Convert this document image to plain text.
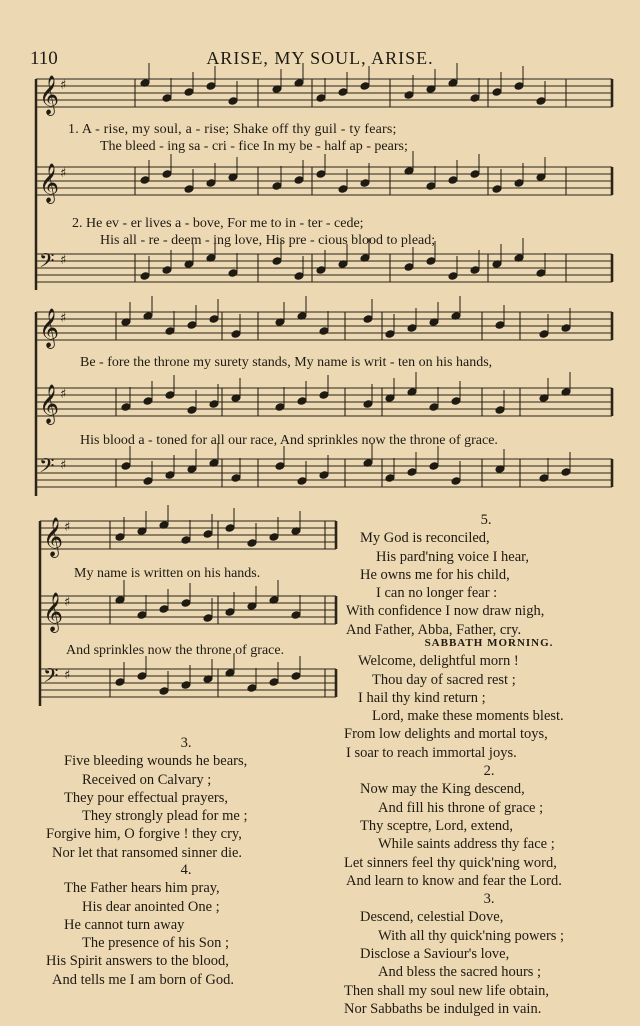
110	ARISE, MY SOUL, ARISE.
𝄞 ♯
𝄞 ♯
𝄢 ♯
𝄞 ♯
𝄞 ♯
𝄢 ♯
𝄞 ♯
𝄞 ♯
𝄢 ♯
1. A - rise, my soul, a - rise; Shake off thy guil - ty fears;
The bleed - ing sa - cri - fice In my be - half ap - pears;
2. He ev - er lives a - bove, For me to in - ter - cede;
His all - re - deem - ing love, His pre - cious blood to plead;
Be - fore the throne my surety stands, My name is writ - ten on his hands,
His blood a - toned for all our race, And sprinkles now the throne of grace.
My name is written on his hands.
And sprinkles now the throne of grace.
5.
My God is reconciled,
His pard'ning voice I hear,
He owns me for his child,
I can no longer fear :
With confidence I now draw nigh,
And Father, Abba, Father, cry.
SABBATH MORNING.
Welcome, delightful morn !
Thou day of sacred rest ;
I hail thy kind return ;
Lord, make these moments blest.
From low delights and mortal toys,
I soar to reach immortal joys.
2.
Now may the King descend,
And fill his throne of grace ;
Thy sceptre, Lord, extend,
While saints address thy face ;
Let sinners feel thy quick'ning word,
And learn to know and fear the Lord.
3.
Descend, celestial Dove,
With all thy quick'ning powers ;
Disclose a Saviour's love,
And bless the sacred hours ;
Then shall my soul new life obtain,
Nor Sabbaths be indulged in vain.
3.
Five bleeding wounds he bears,
Received on Calvary ;
They pour effectual prayers,
They strongly plead for me ;
Forgive him, O forgive ! they cry,
Nor let that ransomed sinner die.
4.
The Father hears him pray,
His dear anointed One ;
He cannot turn away
The presence of his Son ;
His Spirit answers to the blood,
And tells me I am born of God.
